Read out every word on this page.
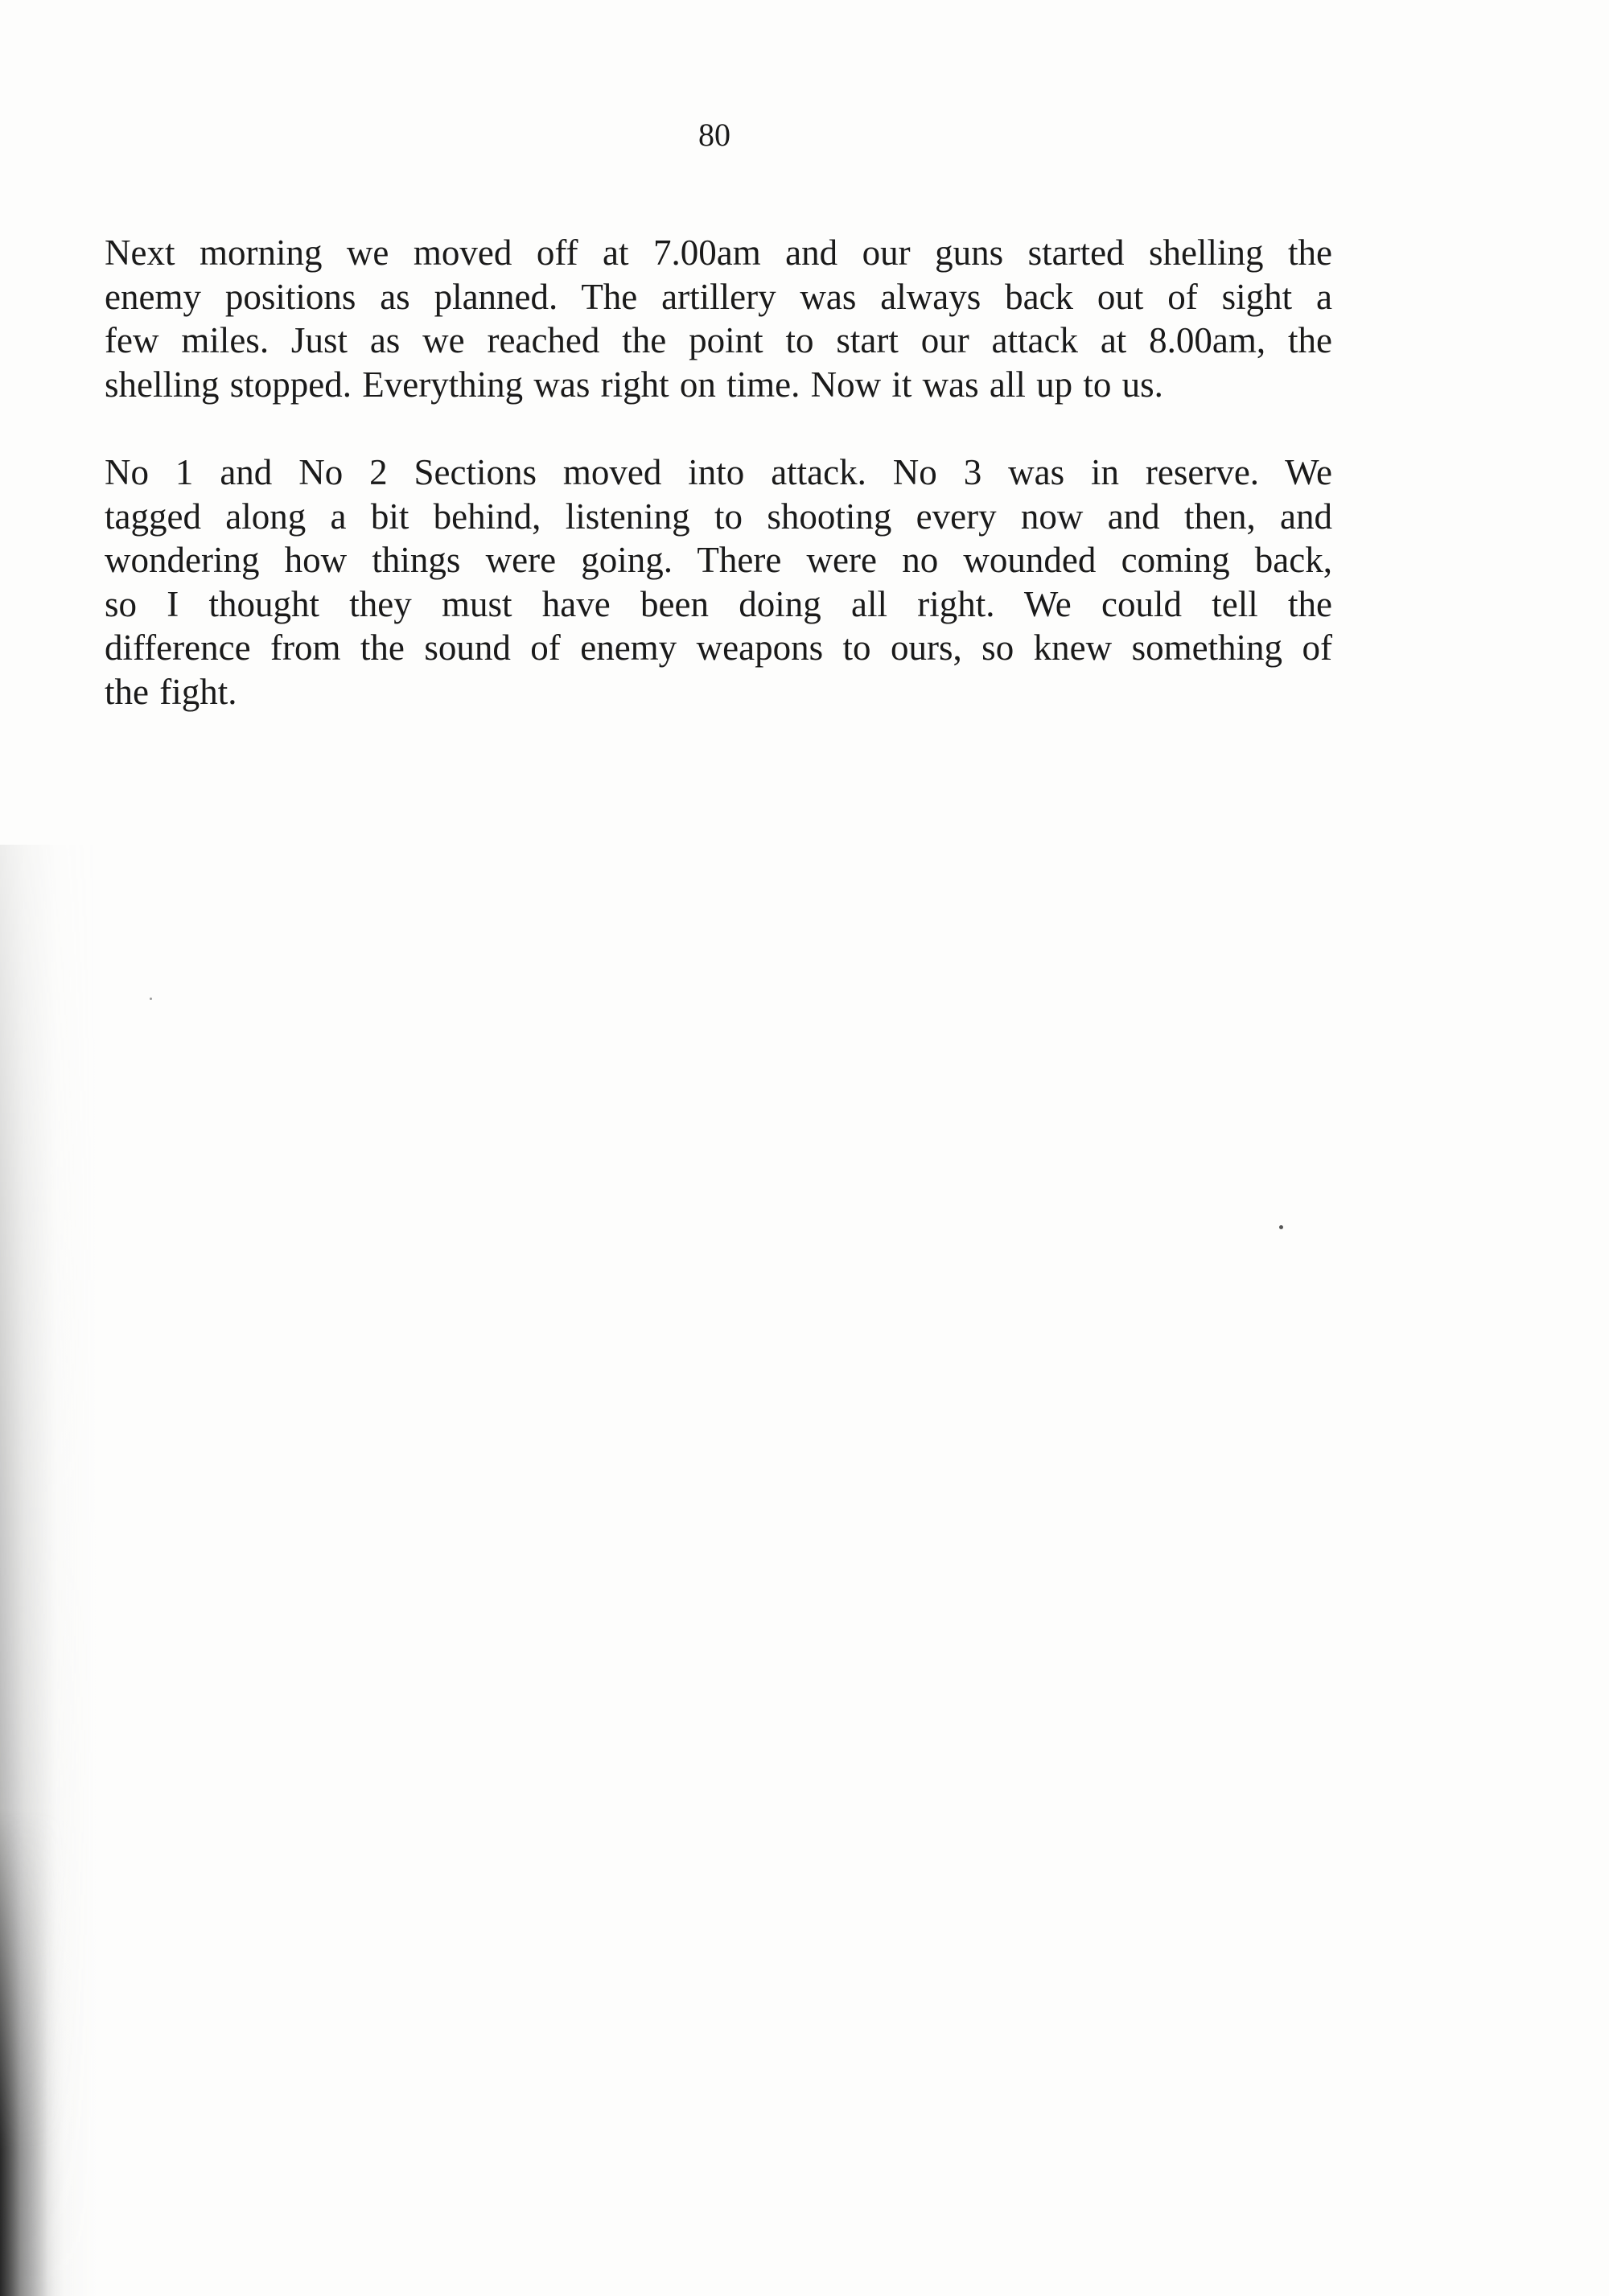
80

Next morning we moved off at 7.00am and our guns started shelling the
enemy positions as planned. The artillery was always back out of sight a
few miles. Just as we reached the point to start our attack at 8.00am, the
shelling stopped. Everything was right on time. Now it was all up to us.

No 1 and No 2 Sections moved into attack. No 3 was in reserve. We
tagged along a bit behind, listening to shooting every now and then, and
wondering how things were going. There were no wounded coming back,
so I thought they must have been doing all right. We could tell the
difference from the sound of enemy weapons to ours, so knew something of
the fight.
